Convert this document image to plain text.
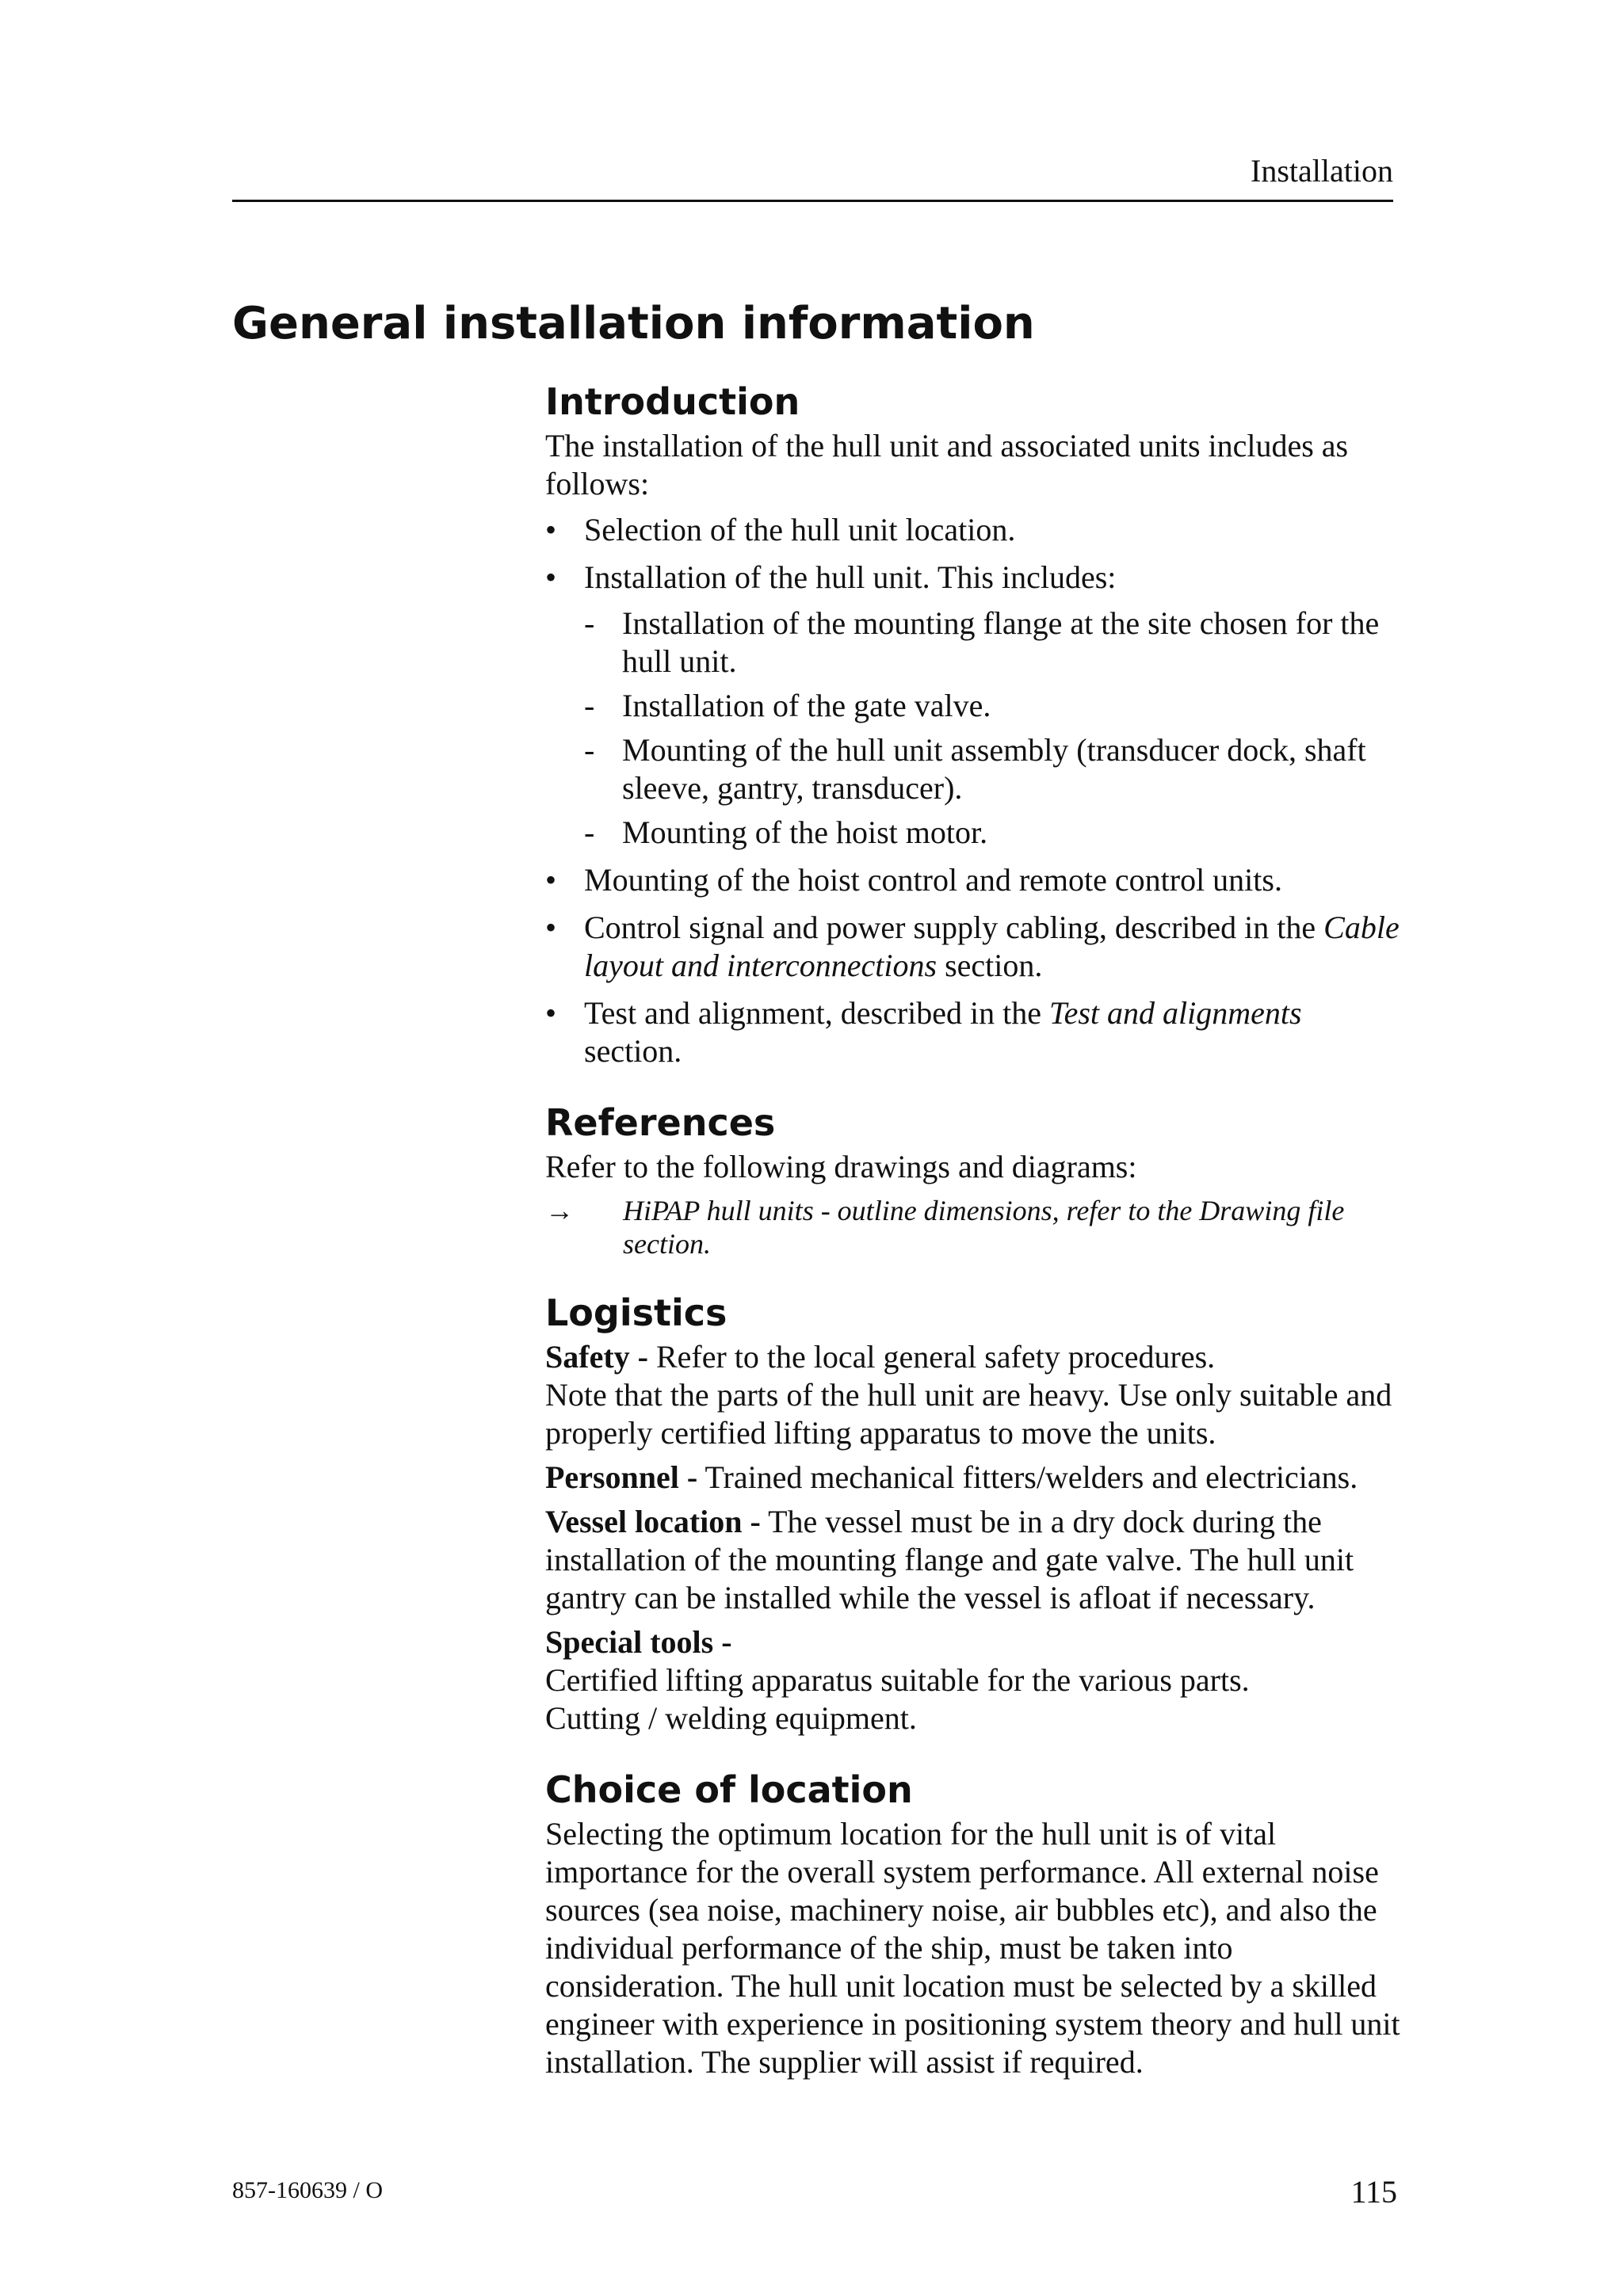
Installation
General installation information
Introduction

The installation of the hull unit and associated units includes as follows:

• Selection of the hull unit location.
• Installation of the hull unit. This includes:
- Installation of the mounting flange at the site chosen for the hull unit.
- Installation of the gate valve.
- Mounting of the hull unit assembly (transducer dock, shaft sleeve, gantry, transducer).
- Mounting of the hoist motor.
• Mounting of the hoist control and remote control units.
• Control signal and power supply cabling, described in the Cable layout and interconnections section.
• Test and alignment, described in the Test and alignments section.
References

Refer to the following drawings and diagrams:

→ HiPAP hull units - outline dimensions, refer to the Drawing file section.
Logistics

Safety - Refer to the local general safety procedures.

Note that the parts of the hull unit are heavy. Use only suitable and properly certified lifting apparatus to move the units.

Personnel - Trained mechanical fitters/welders and electricians.

Vessel location - The vessel must be in a dry dock during the installation of the mounting flange and gate valve. The hull unit gantry can be installed while the vessel is afloat if necessary.

Special tools -

Certified lifting apparatus suitable for the various parts.

Cutting / welding equipment.

Choice of location

Selecting the optimum location for the hull unit is of vital importance for the overall system performance. All external noise sources (sea noise, machinery noise, air bubbles etc), and also the individual performance of the ship, must be taken into consideration. The hull unit location must be selected by a skilled engineer with experience in positioning system theory and hull unit installation. The supplier will assist if required.

857-160639 / O	115
